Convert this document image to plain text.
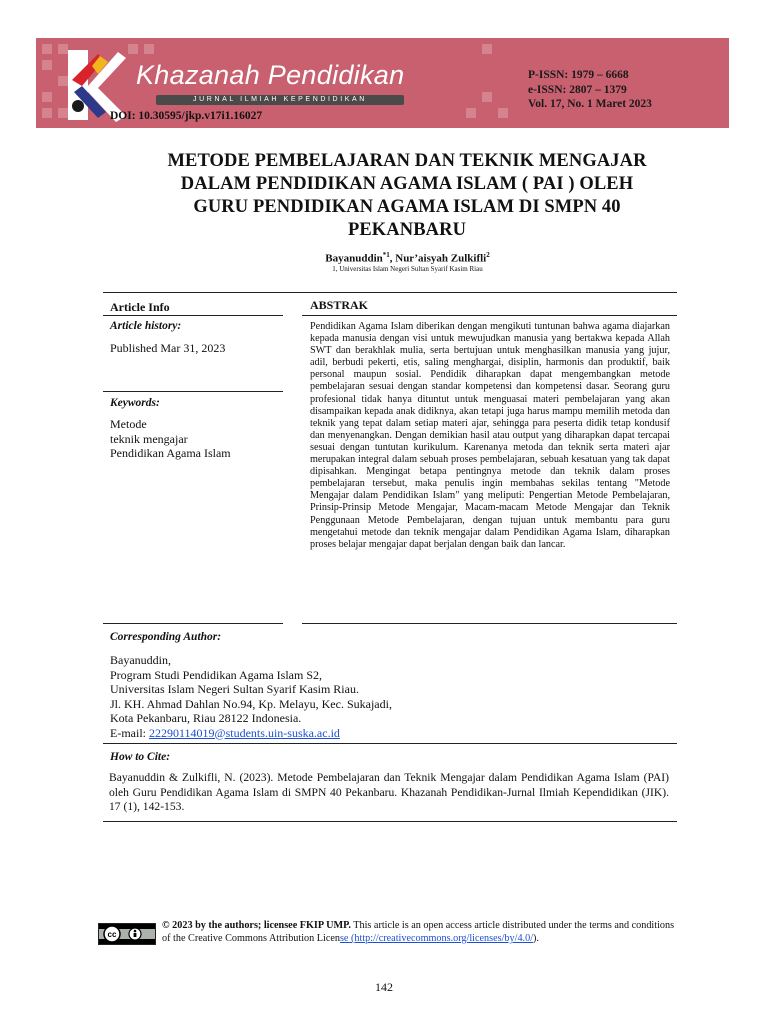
Khazanah Pendidikan
JURNAL ILMIAH KEPENDIDIKAN
P-ISSN: 1979 – 6668
e-ISSN: 2807 – 1379
Vol. 17, No. 1 Maret 2023
DOI: 10.30595/jkp.v17i1.16027
METODE PEMBELAJARAN DAN TEKNIK MENGAJAR
DALAM PENDIDIKAN AGAMA ISLAM ( PAI ) OLEH
GURU PENDIDIKAN AGAMA ISLAM DI SMPN 40
PEKANBARU
Bayanuddin$^{*1}$, Nur’aisyah Zulkifli$^2$
1, Universitas Islam Negeri Sultan Syarif Kasim Riau
Article Info
Article history:
Published Mar 31, 2023
Keywords:
Metode
teknik mengajar
Pendidikan Agama Islam
ABSTRAK
Pendidikan Agama Islam diberikan dengan mengikuti tuntunan bahwa agama diajarkan kepada manusia dengan visi untuk mewujudkan manusia yang bertakwa kepada Allah SWT dan berakhlak mulia, serta bertujuan untuk menghasilkan manusia yang jujur, adil, berbudi pekerti, etis, saling menghargai, disiplin, harmonis dan produktif, baik personal maupun sosial. Pendidik diharapkan dapat mengembangkan metode pembelajaran sesuai dengan standar kompetensi dan kompetensi dasar. Seorang guru profesional tidak hanya dituntut untuk menguasai materi pembelajaran yang akan disampaikan kepada anak didiknya, akan tetapi juga harus mampu memilih metoda dan teknik yang tepat dalam setiap materi ajar, sehingga para peserta didik tetap kondusif dan menyenangkan. Dengan demikian hasil atau output yang diharapkan dapat tercapai sesuai dengan tuntutan kurikulum. Karenanya metoda dan teknik serta materi ajar merupakan integral dalam sebuah proses pembelajaran, sebuah kesatuan yang tak dapat dipisahkan. Mengingat betapa pentingnya metode dan teknik dalam proses pembelajaran tersebut, maka penulis ingin membahas sekilas tentang "Metode Mengajar dalam Pendidikan Islam" yang meliputi: Pengertian Metode Pembelajaran, Prinsip-Prinsip Metode Mengajar, Macam-macam Metode Mengajar dan Teknik Penggunaan Metode Pembelajaran, dengan tujuan untuk membantu para guru mengetahui metode dan teknik mengajar dalam Pendidikan Agama Islam, diharapkan proses belajar mengajar dapat berjalan dengan baik dan lancar.
Corresponding Author:
Bayanuddin,
Program Studi Pendidikan Agama Islam S2,
Universitas Islam Negeri Sultan Syarif Kasim Riau.
Jl. KH. Ahmad Dahlan No.94, Kp. Melayu, Kec. Sukajadi,
Kota Pekanbaru, Riau 28122 Indonesia.
E-mail: 22290114019@students.uin-suska.ac.id
How to Cite:
Bayanuddin & Zulkifli, N. (2023). Metode Pembelajaran dan Teknik Mengajar dalam Pendidikan Agama Islam (PAI) oleh Guru Pendidikan Agama Islam di SMPN 40 Pekanbaru. Khazanah Pendidikan-Jurnal Ilmiah Kependidikan (JIK). 17 (1), 142-153.
cc
© 2023 by the authors; licensee FKIP UMP. This article is an open access article distributed under the terms and conditions of the Creative Commons Attribution License (http://creativecommons.org/licenses/by/4.0/).
142
